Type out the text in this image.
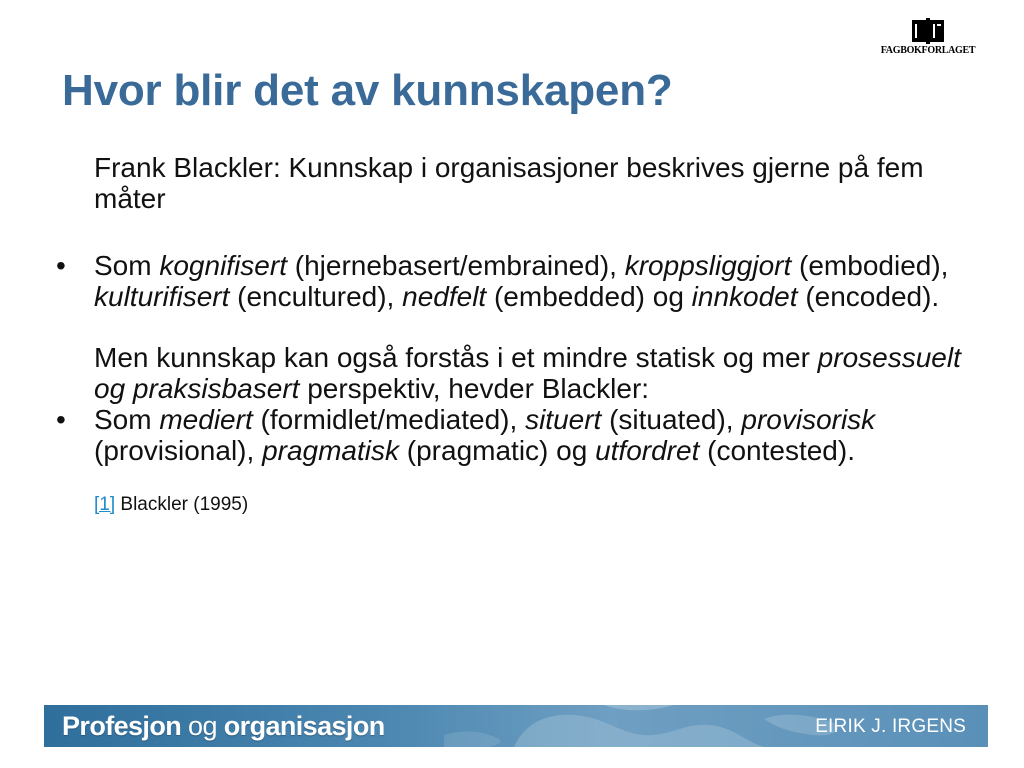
FAGBOKFORLAGET
Hvor blir det av kunnskapen?

Frank Blackler: Kunnskap i organisasjoner beskrives gjerne på fem måter

•	Som kognifisert (hjernebasert/embrained), kroppsliggjort (embodied), kulturifisert (encultured), nedfelt (embedded) og innkodet (encoded).

Men kunnskap kan også forstås i et mindre statisk og mer prosessuelt og praksisbasert perspektiv, hevder Blackler:

•	Som mediert (formidlet/mediated), situert (situated), provisorisk (provisional), pragmatisk (pragmatic) og utfordret (contested).

[1] Blackler (1995)

Profesjon og organisasjon	EIRIK J. IRGENS
